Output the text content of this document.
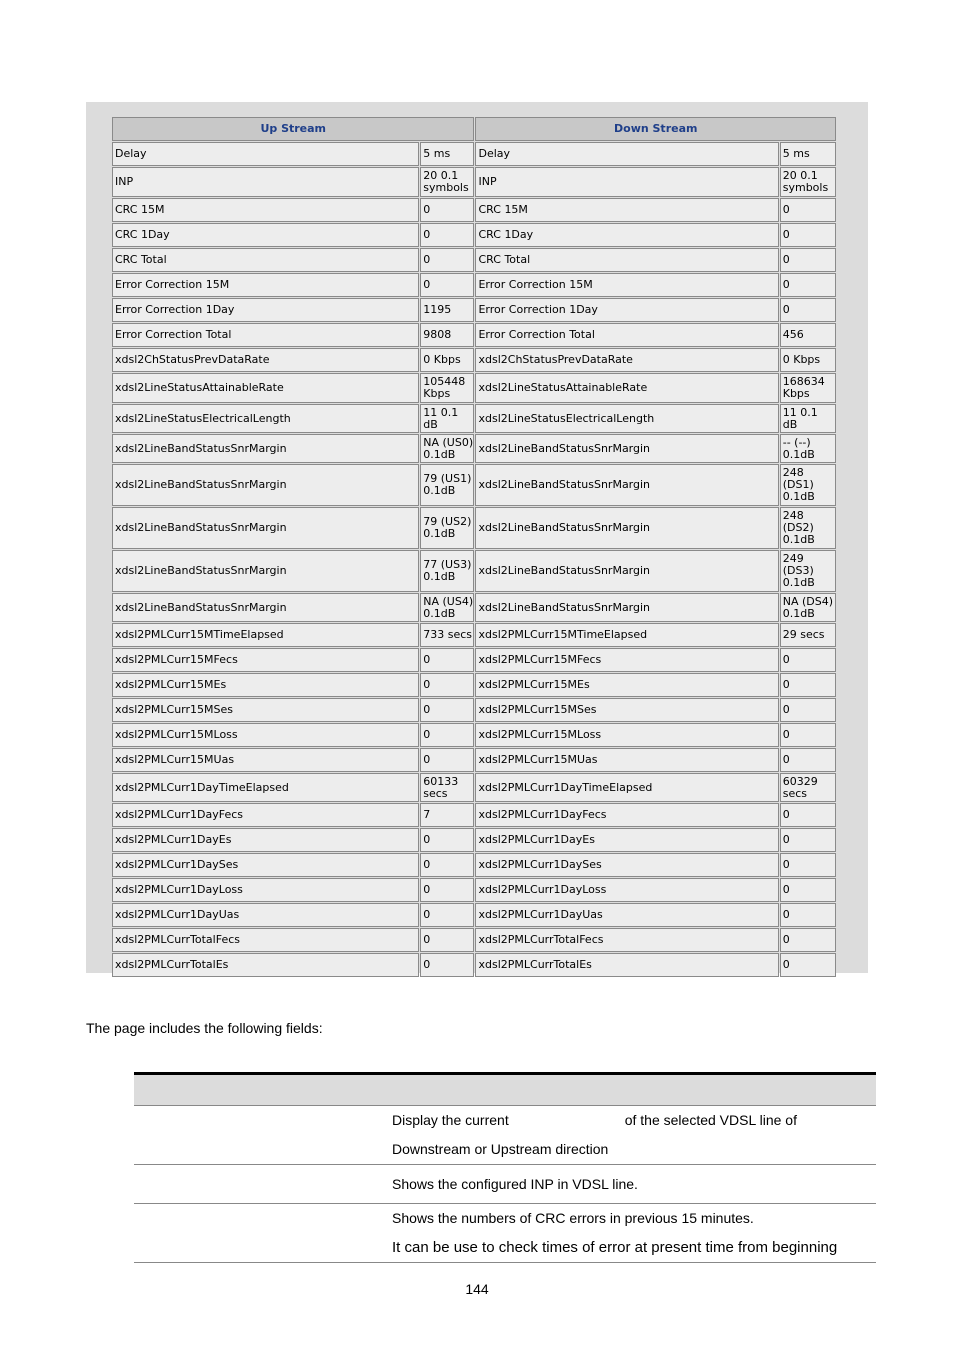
Up Stream		Down Stream	
Delay	5 ms	Delay	5 ms
INP	20 0.1 symbols	INP	20 0.1 symbols
CRC 15M	0	CRC 15M	0
CRC 1Day	0	CRC 1Day	0
CRC Total	0	CRC Total	0
Error Correction 15M	0	Error Correction 15M	0
Error Correction 1Day	1195	Error Correction 1Day	0
Error Correction Total	9808	Error Correction Total	456
xdsl2ChStatusPrevDataRate	0 Kbps	xdsl2ChStatusPrevDataRate	0 Kbps
xdsl2LineStatusAttainableRate	105448 Kbps	xdsl2LineStatusAttainableRate	168634 Kbps
xdsl2LineStatusElectricalLength	11 0.1 dB	xdsl2LineStatusElectricalLength	11 0.1 dB
xdsl2LineBandStatusSnrMargin	NA (US0) 0.1dB	xdsl2LineBandStatusSnrMargin	-- (--) 0.1dB
xdsl2LineBandStatusSnrMargin	79 (US1) 0.1dB	xdsl2LineBandStatusSnrMargin	248 (DS1) 0.1dB
xdsl2LineBandStatusSnrMargin	79 (US2) 0.1dB	xdsl2LineBandStatusSnrMargin	248 (DS2) 0.1dB
xdsl2LineBandStatusSnrMargin	77 (US3) 0.1dB	xdsl2LineBandStatusSnrMargin	249 (DS3) 0.1dB
xdsl2LineBandStatusSnrMargin	NA (US4) 0.1dB	xdsl2LineBandStatusSnrMargin	NA (DS4) 0.1dB
xdsl2PMLCurr15MTimeElapsed	733 secs	xdsl2PMLCurr15MTimeElapsed	29 secs
xdsl2PMLCurr15MFecs	0	xdsl2PMLCurr15MFecs	0
xdsl2PMLCurr15MEs	0	xdsl2PMLCurr15MEs	0
xdsl2PMLCurr15MSes	0	xdsl2PMLCurr15MSes	0
xdsl2PMLCurr15MLoss	0	xdsl2PMLCurr15MLoss	0
xdsl2PMLCurr15MUas	0	xdsl2PMLCurr15MUas	0
xdsl2PMLCurr1DayTimeElapsed	60133 secs	xdsl2PMLCurr1DayTimeElapsed	60329 secs
xdsl2PMLCurr1DayFecs	7	xdsl2PMLCurr1DayFecs	0
xdsl2PMLCurr1DayEs	0	xdsl2PMLCurr1DayEs	0
xdsl2PMLCurr1DaySes	0	xdsl2PMLCurr1DaySes	0
xdsl2PMLCurr1DayLoss	0	xdsl2PMLCurr1DayLoss	0
xdsl2PMLCurr1DayUas	0	xdsl2PMLCurr1DayUas	0
xdsl2PMLCurrTotalFecs	0	xdsl2PMLCurrTotalFecs	0
xdsl2PMLCurrTotalEs	0	xdsl2PMLCurrTotalEs	0
The page includes the following fields:

	Display the current of the selected VDSL line of
Downstream or Upstream direction

	Shows the configured INP in VDSL line.

	Shows the numbers of CRC errors in previous 15 minutes.
It can be use to check times of error at present time from beginning
144
